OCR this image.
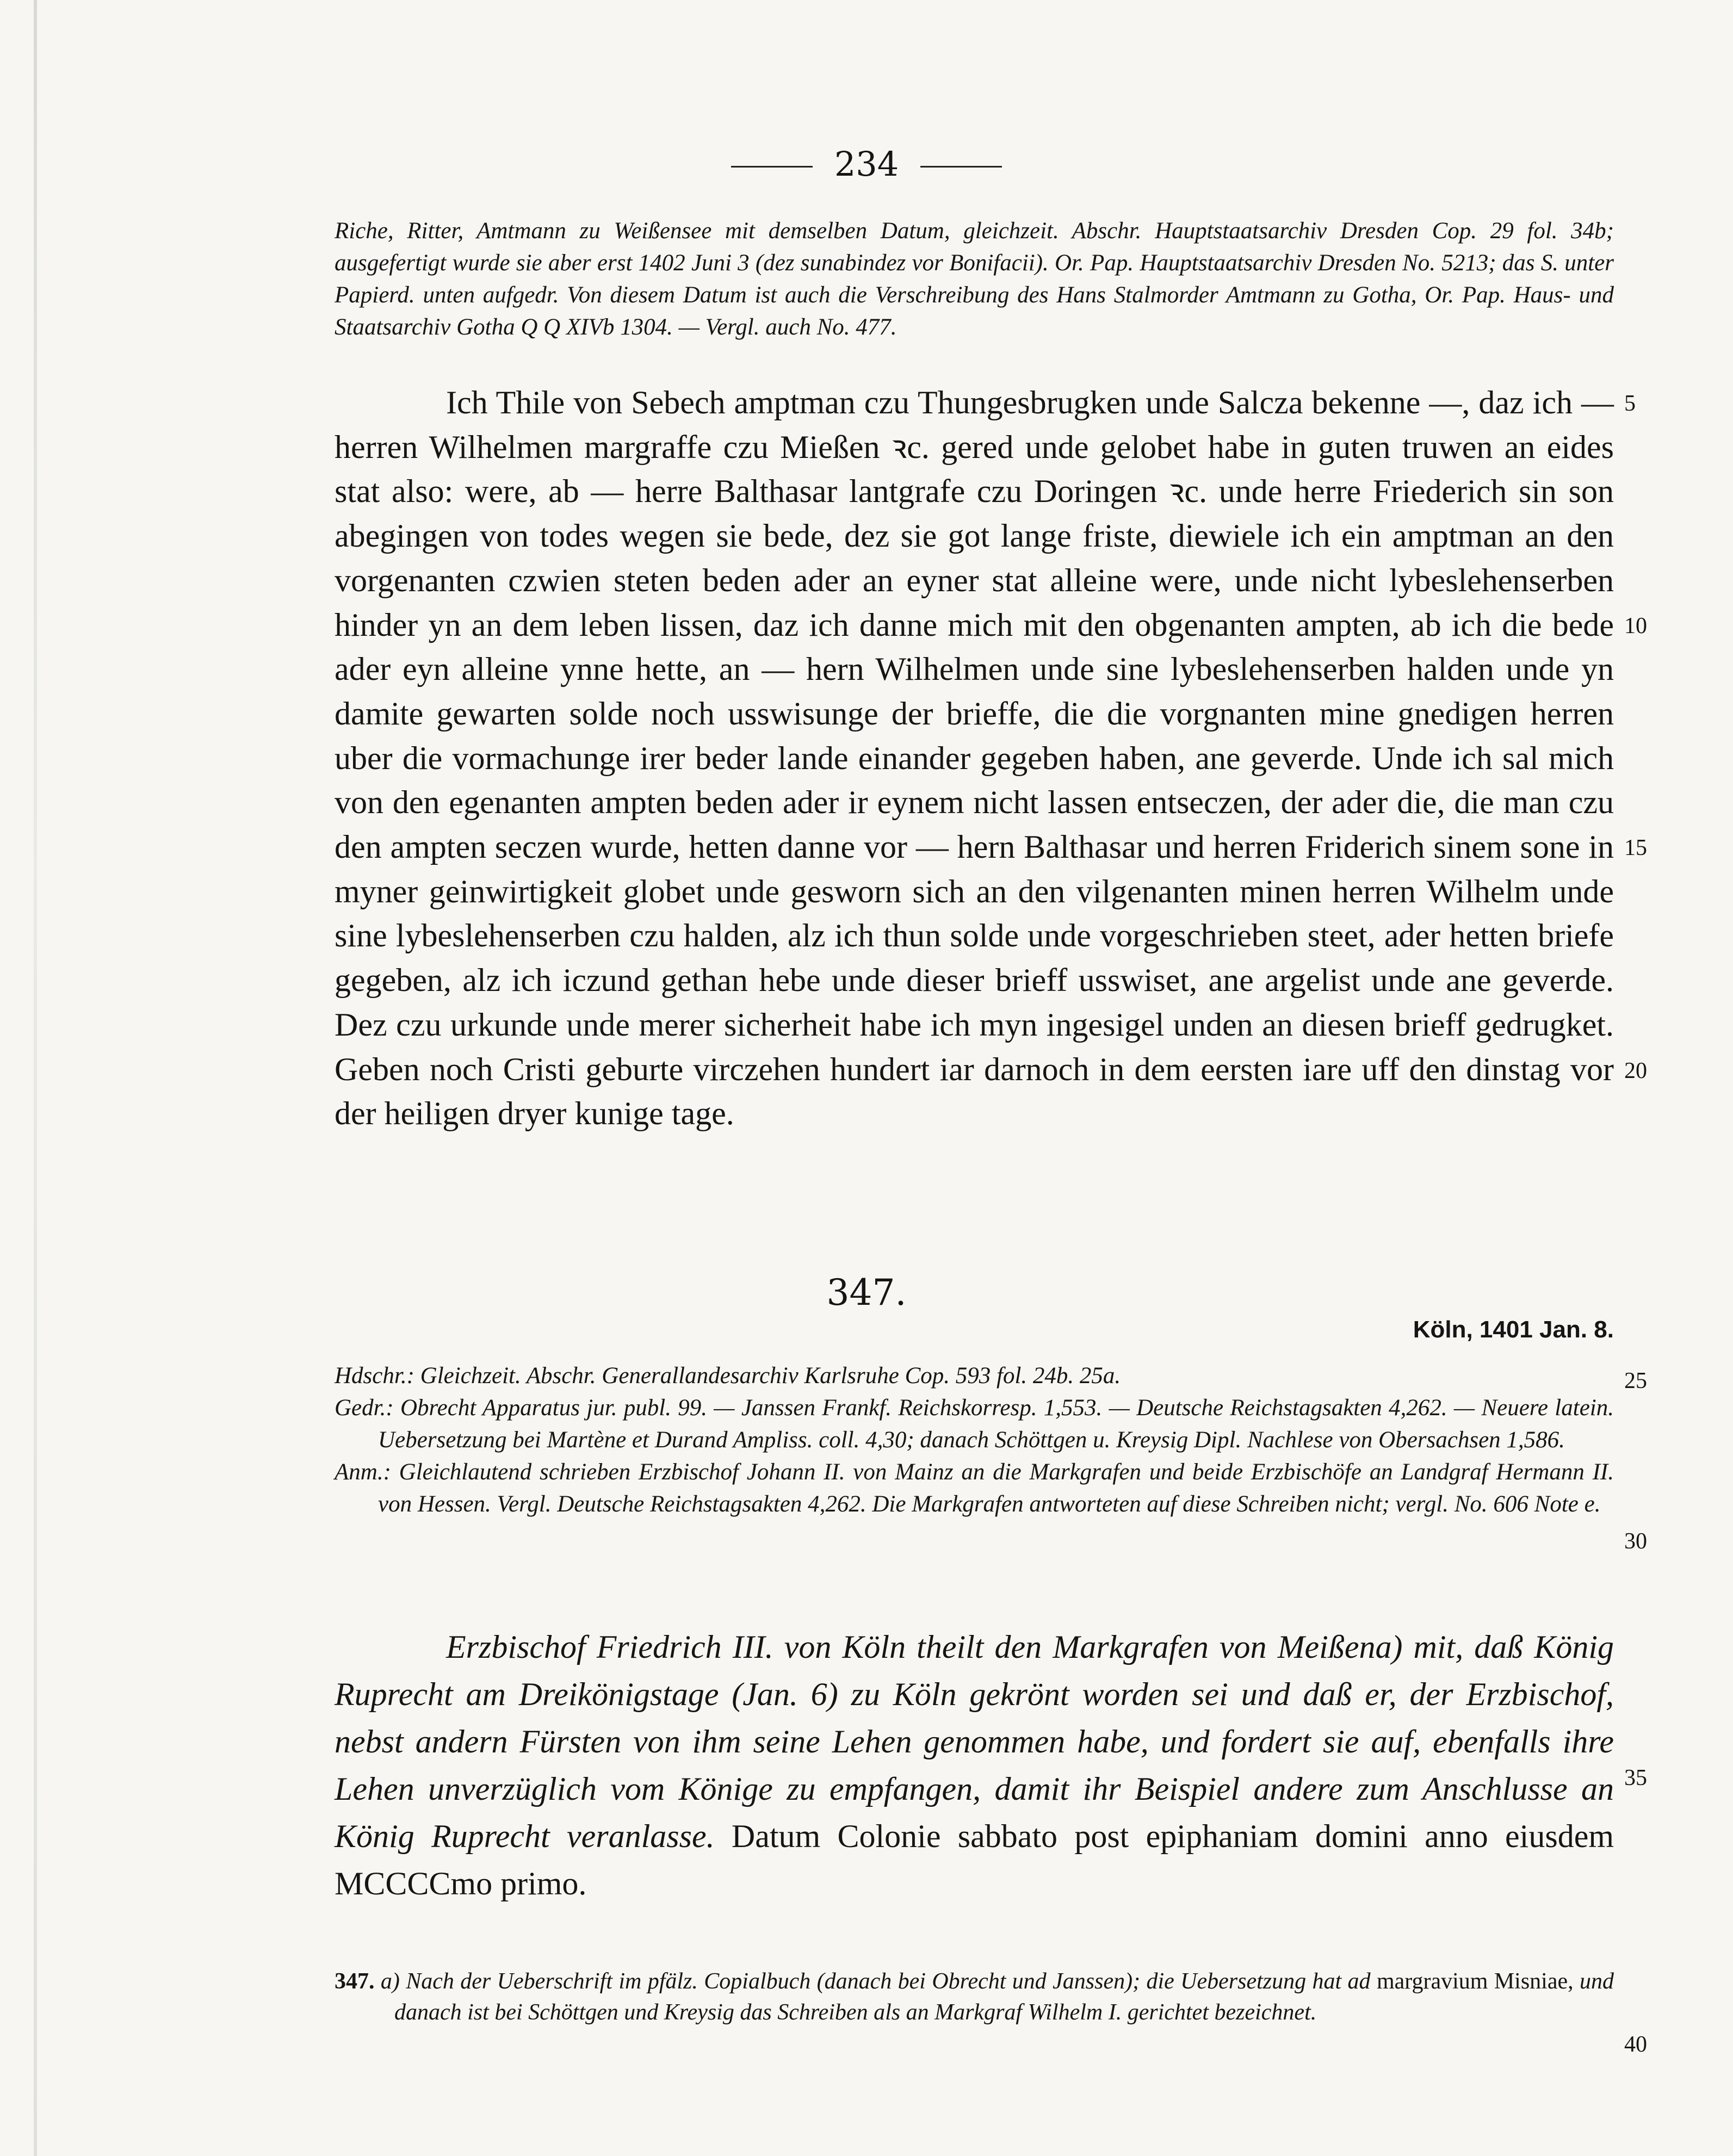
234

Riche, Ritter, Amtmann zu Weißensee mit demselben Datum, gleichzeit. Abschr. Hauptstaatsarchiv Dresden Cop. 29 fol. 34b; ausgefertigt wurde sie aber erst 1402 Juni 3 (dez sunabindez vor Bonifacii). Or. Pap. Hauptstaatsarchiv Dresden No. 5213; das S. unter Papierd. unten aufgedr. Von diesem Datum ist auch die Verschreibung des Hans Stalmorder Amtmann zu Gotha, Or. Pap. Haus- und Staatsarchiv Gotha Q Q XIVb 1304. — Vergl. auch No. 477.

Ich Thile von Sebech amptman czu Thungesbrugken unde Salcza bekenne —, daz ich — herren Wilhelmen margraffe czu Mießen ꝛc. gered unde gelobet habe in guten truwen an eides stat also: were, ab — herre Balthasar lantgrafe czu Doringen ꝛc. unde herre Friederich sin son abegingen von todes wegen sie bede, dez sie got lange friste, diewiele ich ein amptman an den vorgenanten czwien steten beden ader an eyner stat alleine were, unde nicht lybeslehenserben hinder yn an dem leben lissen, daz ich danne mich mit den obgenanten ampten, ab ich die bede ader eyn alleine ynne hette, an — hern Wilhelmen unde sine lybeslehenserben halden unde yn damite gewarten solde noch usswisunge der brieffe, die die vorgnanten mine gnedigen herren uber die vormachunge irer beder lande einander gegeben haben, ane geverde. Unde ich sal mich von den egenanten ampten beden ader ir eynem nicht lassen entseczen, der ader die, die man czu den ampten seczen wurde, hetten danne vor — hern Balthasar und herren Friderich sinem sone in myner geinwirtigkeit globet unde gesworn sich an den vilgenanten minen herren Wilhelm unde sine lybeslehenserben czu halden, alz ich thun solde unde vorgeschrieben steet, ader hetten briefe gegeben, alz ich iczund gethan hebe unde dieser brieff usswiset, ane argelist unde ane geverde. Dez czu urkunde unde merer sicherheit habe ich myn ingesigel unden an diesen brieff gedrugket. Geben noch Cristi geburte virczehen hundert iar darnoch in dem eersten iare uff den dinstag vor der heiligen dryer kunige tage.

347.
Köln, 1401 Jan. 8.

Hdschr.: Gleichzeit. Abschr. Generallandesarchiv Karlsruhe Cop. 593 fol. 24b. 25a.

Gedr.: Obrecht Apparatus jur. publ. 99. — Janssen Frankf. Reichskorresp. 1,553. — Deutsche Reichstagsakten 4,262. — Neuere latein. Uebersetzung bei Martène et Durand Ampliss. coll. 4,30; danach Schöttgen u. Kreysig Dipl. Nachlese von Obersachsen 1,586.

Anm.: Gleichlautend schrieben Erzbischof Johann II. von Mainz an die Markgrafen und beide Erzbischöfe an Landgraf Hermann II. von Hessen. Vergl. Deutsche Reichstagsakten 4,262. Die Markgrafen antworteten auf diese Schreiben nicht; vergl. No. 606 Note e.

Erzbischof Friedrich III. von Köln theilt den Markgrafen von Meißena) mit, daß König Ruprecht am Dreikönigstage (Jan. 6) zu Köln gekrönt worden sei und daß er, der Erzbischof, nebst andern Fürsten von ihm seine Lehen genommen habe, und fordert sie auf, ebenfalls ihre Lehen unverzüglich vom Könige zu empfangen, damit ihr Beispiel andere zum Anschlusse an König Ruprecht veranlasse. Datum Colonie sabbato post epiphaniam domini anno eiusdem MCCCCmo primo.

347. a) Nach der Ueberschrift im pfälz. Copialbuch (danach bei Obrecht und Janssen); die Uebersetzung hat ad margravium Misniae, und danach ist bei Schöttgen und Kreysig das Schreiben als an Markgraf Wilhelm I. gerichtet bezeichnet.

5
10
15
20
25
30
35
40
